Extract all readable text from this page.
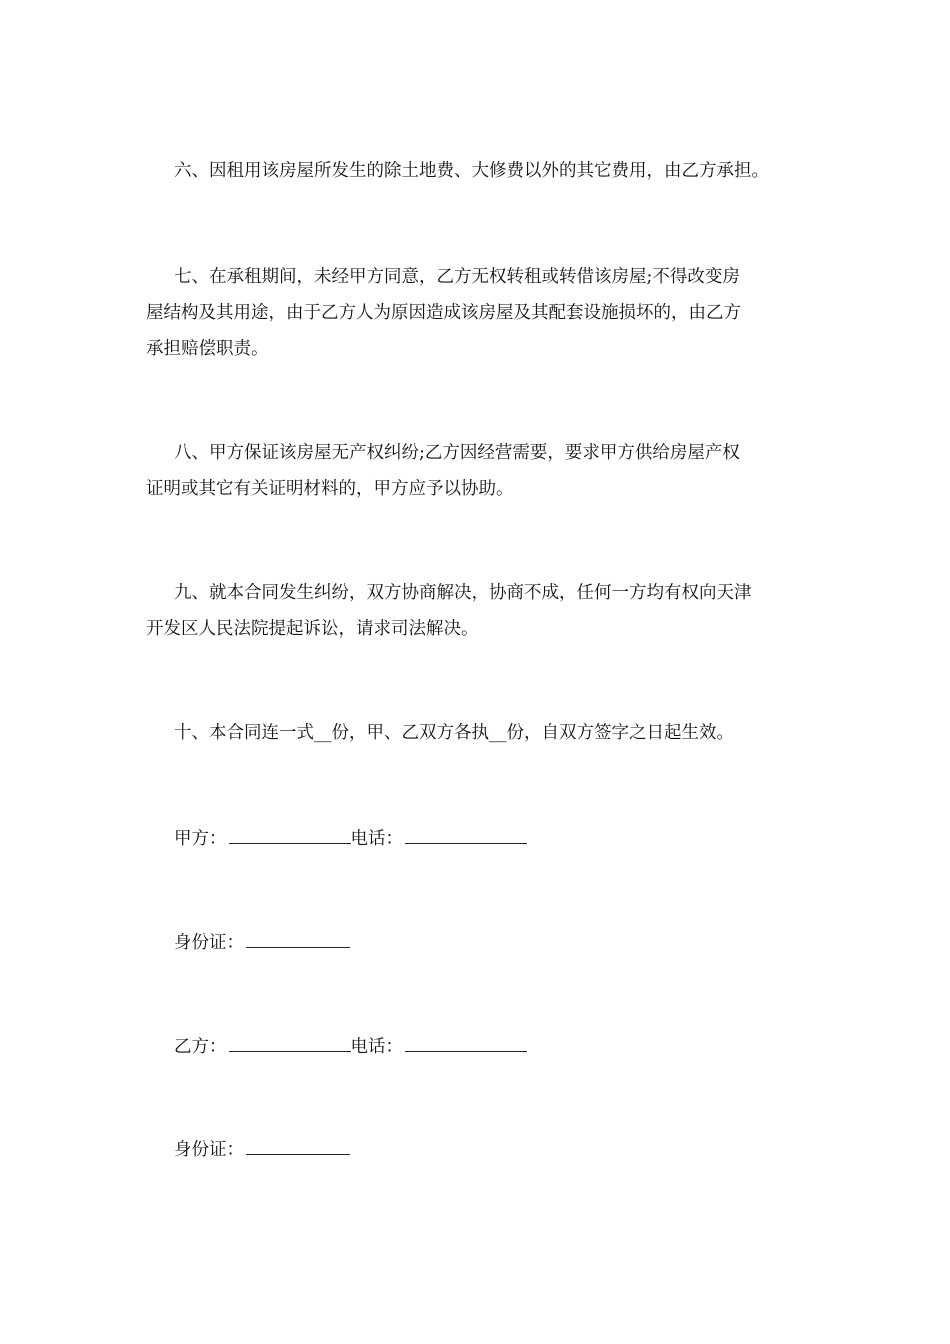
六、因租用该房屋所发生的除土地费、大修费以外的其它费用，由乙方承担。
七、在承租期间，未经甲方同意，乙方无权转租或转借该房屋;不得改变房
屋结构及其用途，由于乙方人为原因造成该房屋及其配套设施损坏的，由乙方
承担赔偿职责。
八、甲方保证该房屋无产权纠纷;乙方因经营需要，要求甲方供给房屋产权
证明或其它有关证明材料的，甲方应予以协助。
九、就本合同发生纠纷，双方协商解决，协商不成，任何一方均有权向天津
开发区人民法院提起诉讼，请求司法解决。
十、本合同连一式__份，甲、乙双方各执__份，自双方签字之日起生效。
甲方：	电话：
身份证：
乙方：	电话：
身份证：
